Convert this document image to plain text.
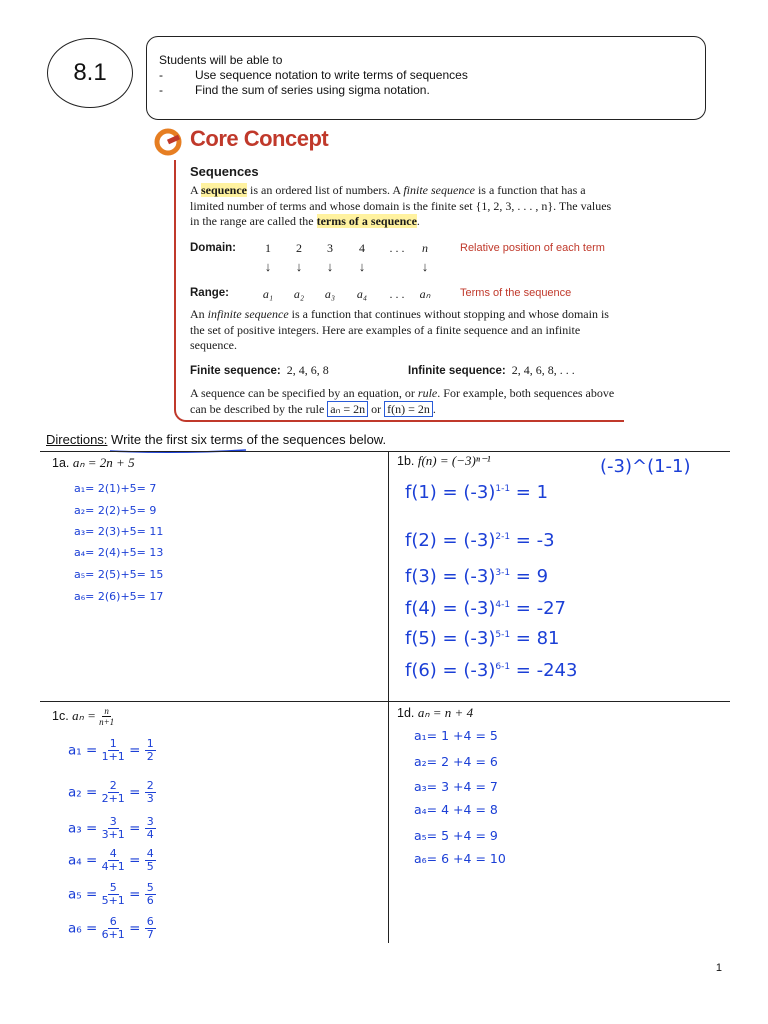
8.1	Students will be able to
- Use sequence notation to write terms of sequences
- Find the sum of series using sigma notation.
Core Concept
Sequences
A sequence is an ordered list of numbers. A finite sequence is a function that has a limited number of terms and whose domain is the finite set {1, 2, 3, . . . , n}. The values in the range are called the terms of a sequence.
Domain:	1	2	3	4	. . .	n	Relative position of each term
↓	↓	↓	↓	↓
Range:	a₁	a₂	a₃	a₄	. . .	aₙ	Terms of the sequence
An infinite sequence is a function that continues without stopping and whose domain is the set of positive integers. Here are examples of a finite sequence and an infinite sequence.
Finite sequence: 2, 4, 6, 8	Infinite sequence: 2, 4, 6, 8, . . .
A sequence can be specified by an equation, or rule. For example, both sequences above can be described by the rule aₙ = 2n or f(n) = 2n .
Directions: Write the first six terms of the sequences below.
1a. aₙ = 2n + 5
a₁= 2(1)+5= 7
a₂= 2(2)+5= 9
a₃= 2(3)+5= 11
a₄= 2(4)+5= 13
a₅= 2(5)+5= 15
a₆= 2(6)+5= 17
1b. f(n) = (−3)ⁿ⁻¹	(-3)^(1-1)
$f(1) = (-3)^{1-1} = 1$
$f(2) = (-3)^{2-1} = -3$
$f(3) = (-3)^{3-1} = 9$
$f(4) = (-3)^{4-1} = -27$
$f(5) = (-3)^{5-1} = 81$
$f(6) = (-3)^{6-1} = -243$
1c. $a_n = \frac{n}{n+1}$
$a_1 = \frac{1}{1+1} = \frac{1}{2}$
$a_2 = \frac{2}{2+1} = \frac{2}{3}$
$a_3 = \frac{3}{3+1} = \frac{3}{4}$
$a_4 = \frac{4}{4+1} = \frac{4}{5}$
$a_5 = \frac{5}{5+1} = \frac{5}{6}$
$a_6 = \frac{6}{6+1} = \frac{6}{7}$
1d. aₙ = n + 4
a₁= 1 +4 = 5
a₂= 2 +4 = 6
a₃= 3 +4 = 7
a₄= 4 +4 = 8
a₅= 5 +4 = 9
a₆= 6 +4 = 10
1
